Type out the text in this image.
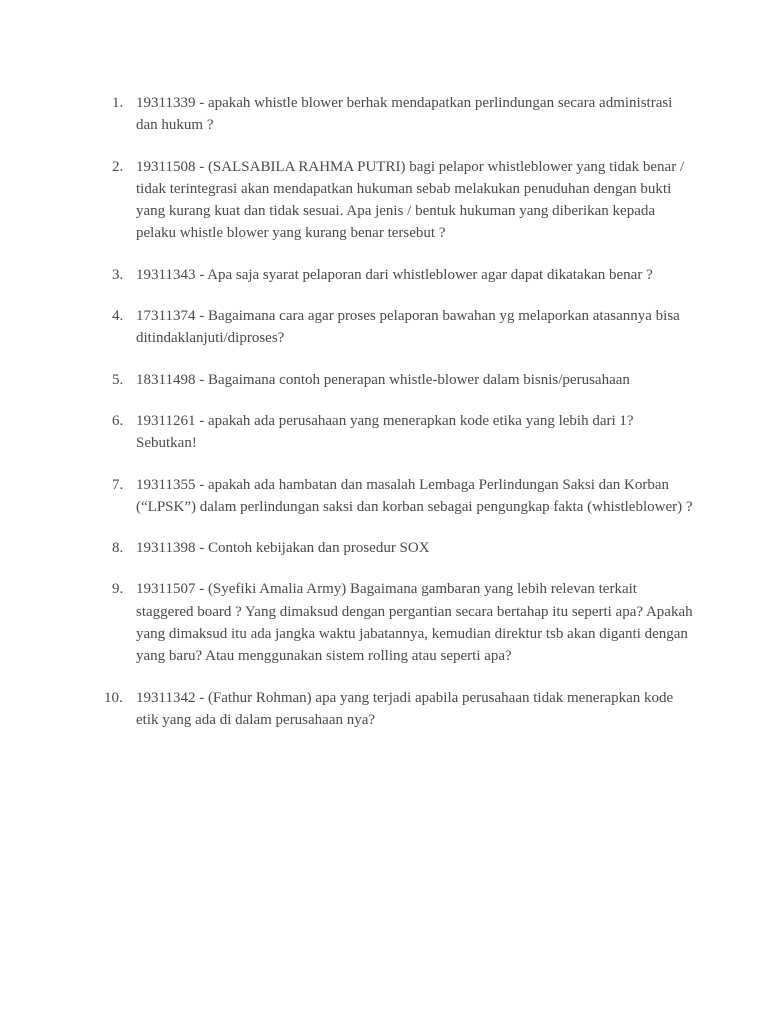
1. 19311339 - apakah whistle blower berhak mendapatkan perlindungan secara administrasi dan hukum ?
2. 19311508 - (SALSABILA RAHMA PUTRI) bagi pelapor whistleblower yang tidak benar / tidak terintegrasi akan mendapatkan hukuman sebab melakukan penuduhan dengan bukti yang kurang kuat dan tidak sesuai. Apa jenis / bentuk hukuman yang diberikan kepada pelaku whistle blower yang kurang benar tersebut ?
3. 19311343 - Apa saja syarat pelaporan dari whistleblower agar dapat dikatakan benar ?
4. 17311374 - Bagaimana cara agar proses pelaporan bawahan yg melaporkan atasannya bisa ditindaklanjuti/diproses?
5. 18311498 - Bagaimana contoh penerapan whistle-blower dalam bisnis/perusahaan
6. 19311261 - apakah ada perusahaan yang menerapkan kode etika yang lebih dari 1? Sebutkan!
7. 19311355 - apakah ada hambatan dan masalah Lembaga Perlindungan Saksi dan Korban (“LPSK”) dalam perlindungan saksi dan korban sebagai pengungkap fakta (whistleblower) ?
8. 19311398 - Contoh kebijakan dan prosedur SOX
9. 19311507 - (Syefiki Amalia Army) Bagaimana gambaran yang lebih relevan terkait staggered board ? Yang dimaksud dengan pergantian secara bertahap itu seperti apa? Apakah yang dimaksud itu ada jangka waktu jabatannya, kemudian direktur tsb akan diganti dengan yang baru? Atau menggunakan sistem rolling atau seperti apa?
10. 19311342 - (Fathur Rohman) apa yang terjadi apabila perusahaan tidak menerapkan kode etik yang ada di dalam perusahaan nya?
